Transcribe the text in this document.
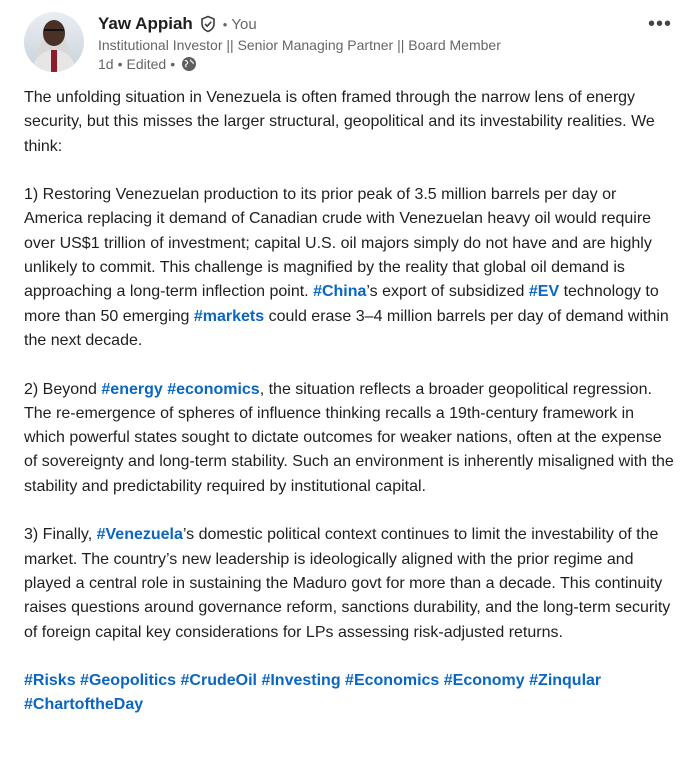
Yaw Appiah • You
Institutional Investor || Senior Managing Partner || Board Member
1d • Edited •
•••

The unfolding situation in Venezuela is often framed through the narrow lens of energy security, but this misses the larger structural, geopolitical and its investability realities. We think:

1) Restoring Venezuelan production to its prior peak of 3.5 million barrels per day or America replacing it demand of Canadian crude with Venezuelan heavy oil would require over US$1 trillion of investment; capital U.S. oil majors simply do not have and are highly unlikely to commit. This challenge is magnified by the reality that global oil demand is approaching a long-term inflection point. #China’s export of subsidized #EV technology to more than 50 emerging #markets could erase 3–4 million barrels per day of demand within the next decade.

2) Beyond #energy #economics, the situation reflects a broader geopolitical regression. The re-emergence of spheres of influence thinking recalls a 19th-century framework in which powerful states sought to dictate outcomes for weaker nations, often at the expense of sovereignty and long-term stability. Such an environment is inherently misaligned with the stability and predictability required by institutional capital.

3) Finally, #Venezuela’s domestic political context continues to limit the investability of the market. The country’s new leadership is ideologically aligned with the prior regime and played a central role in sustaining the Maduro govt for more than a decade. This continuity raises questions around governance reform, sanctions durability, and the long-term security of foreign capital key considerations for LPs assessing risk-adjusted returns.

#Risks #Geopolitics #CrudeOil #Investing #Economics #Economy #Zinqular #ChartoftheDay
